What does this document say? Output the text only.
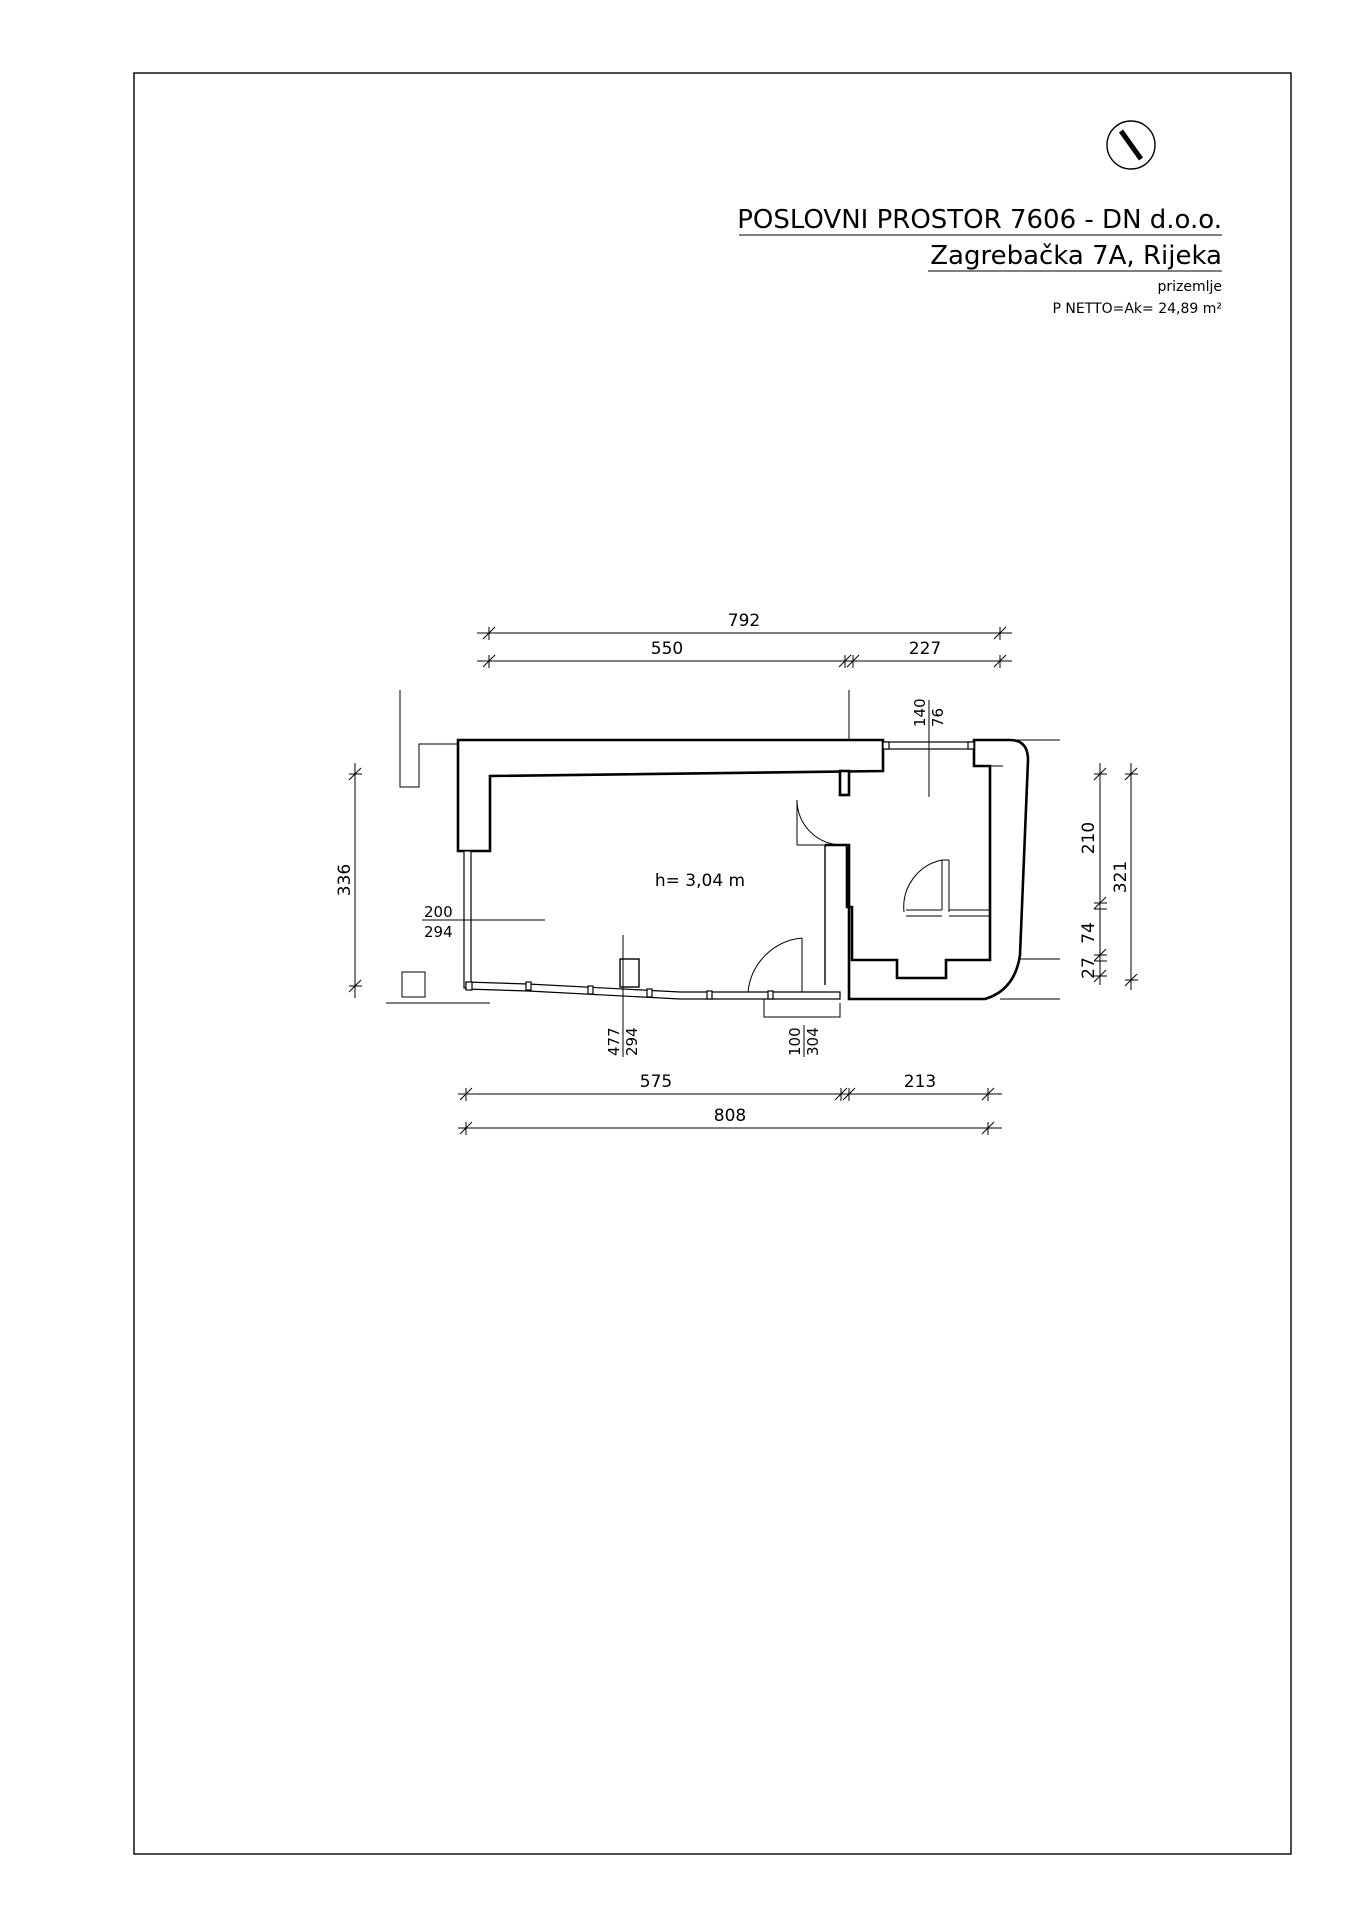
POSLOVNI PROSTOR 7606 - DN d.o.o.
Zagrebačka 7A, Rijeka
prizemlje
P NETTO=Ak= 24,89 m²
792
550	227
575	213
808
336
210
74
27
321
h= 3,04 m
200
294
477 294	100 304
140 76
